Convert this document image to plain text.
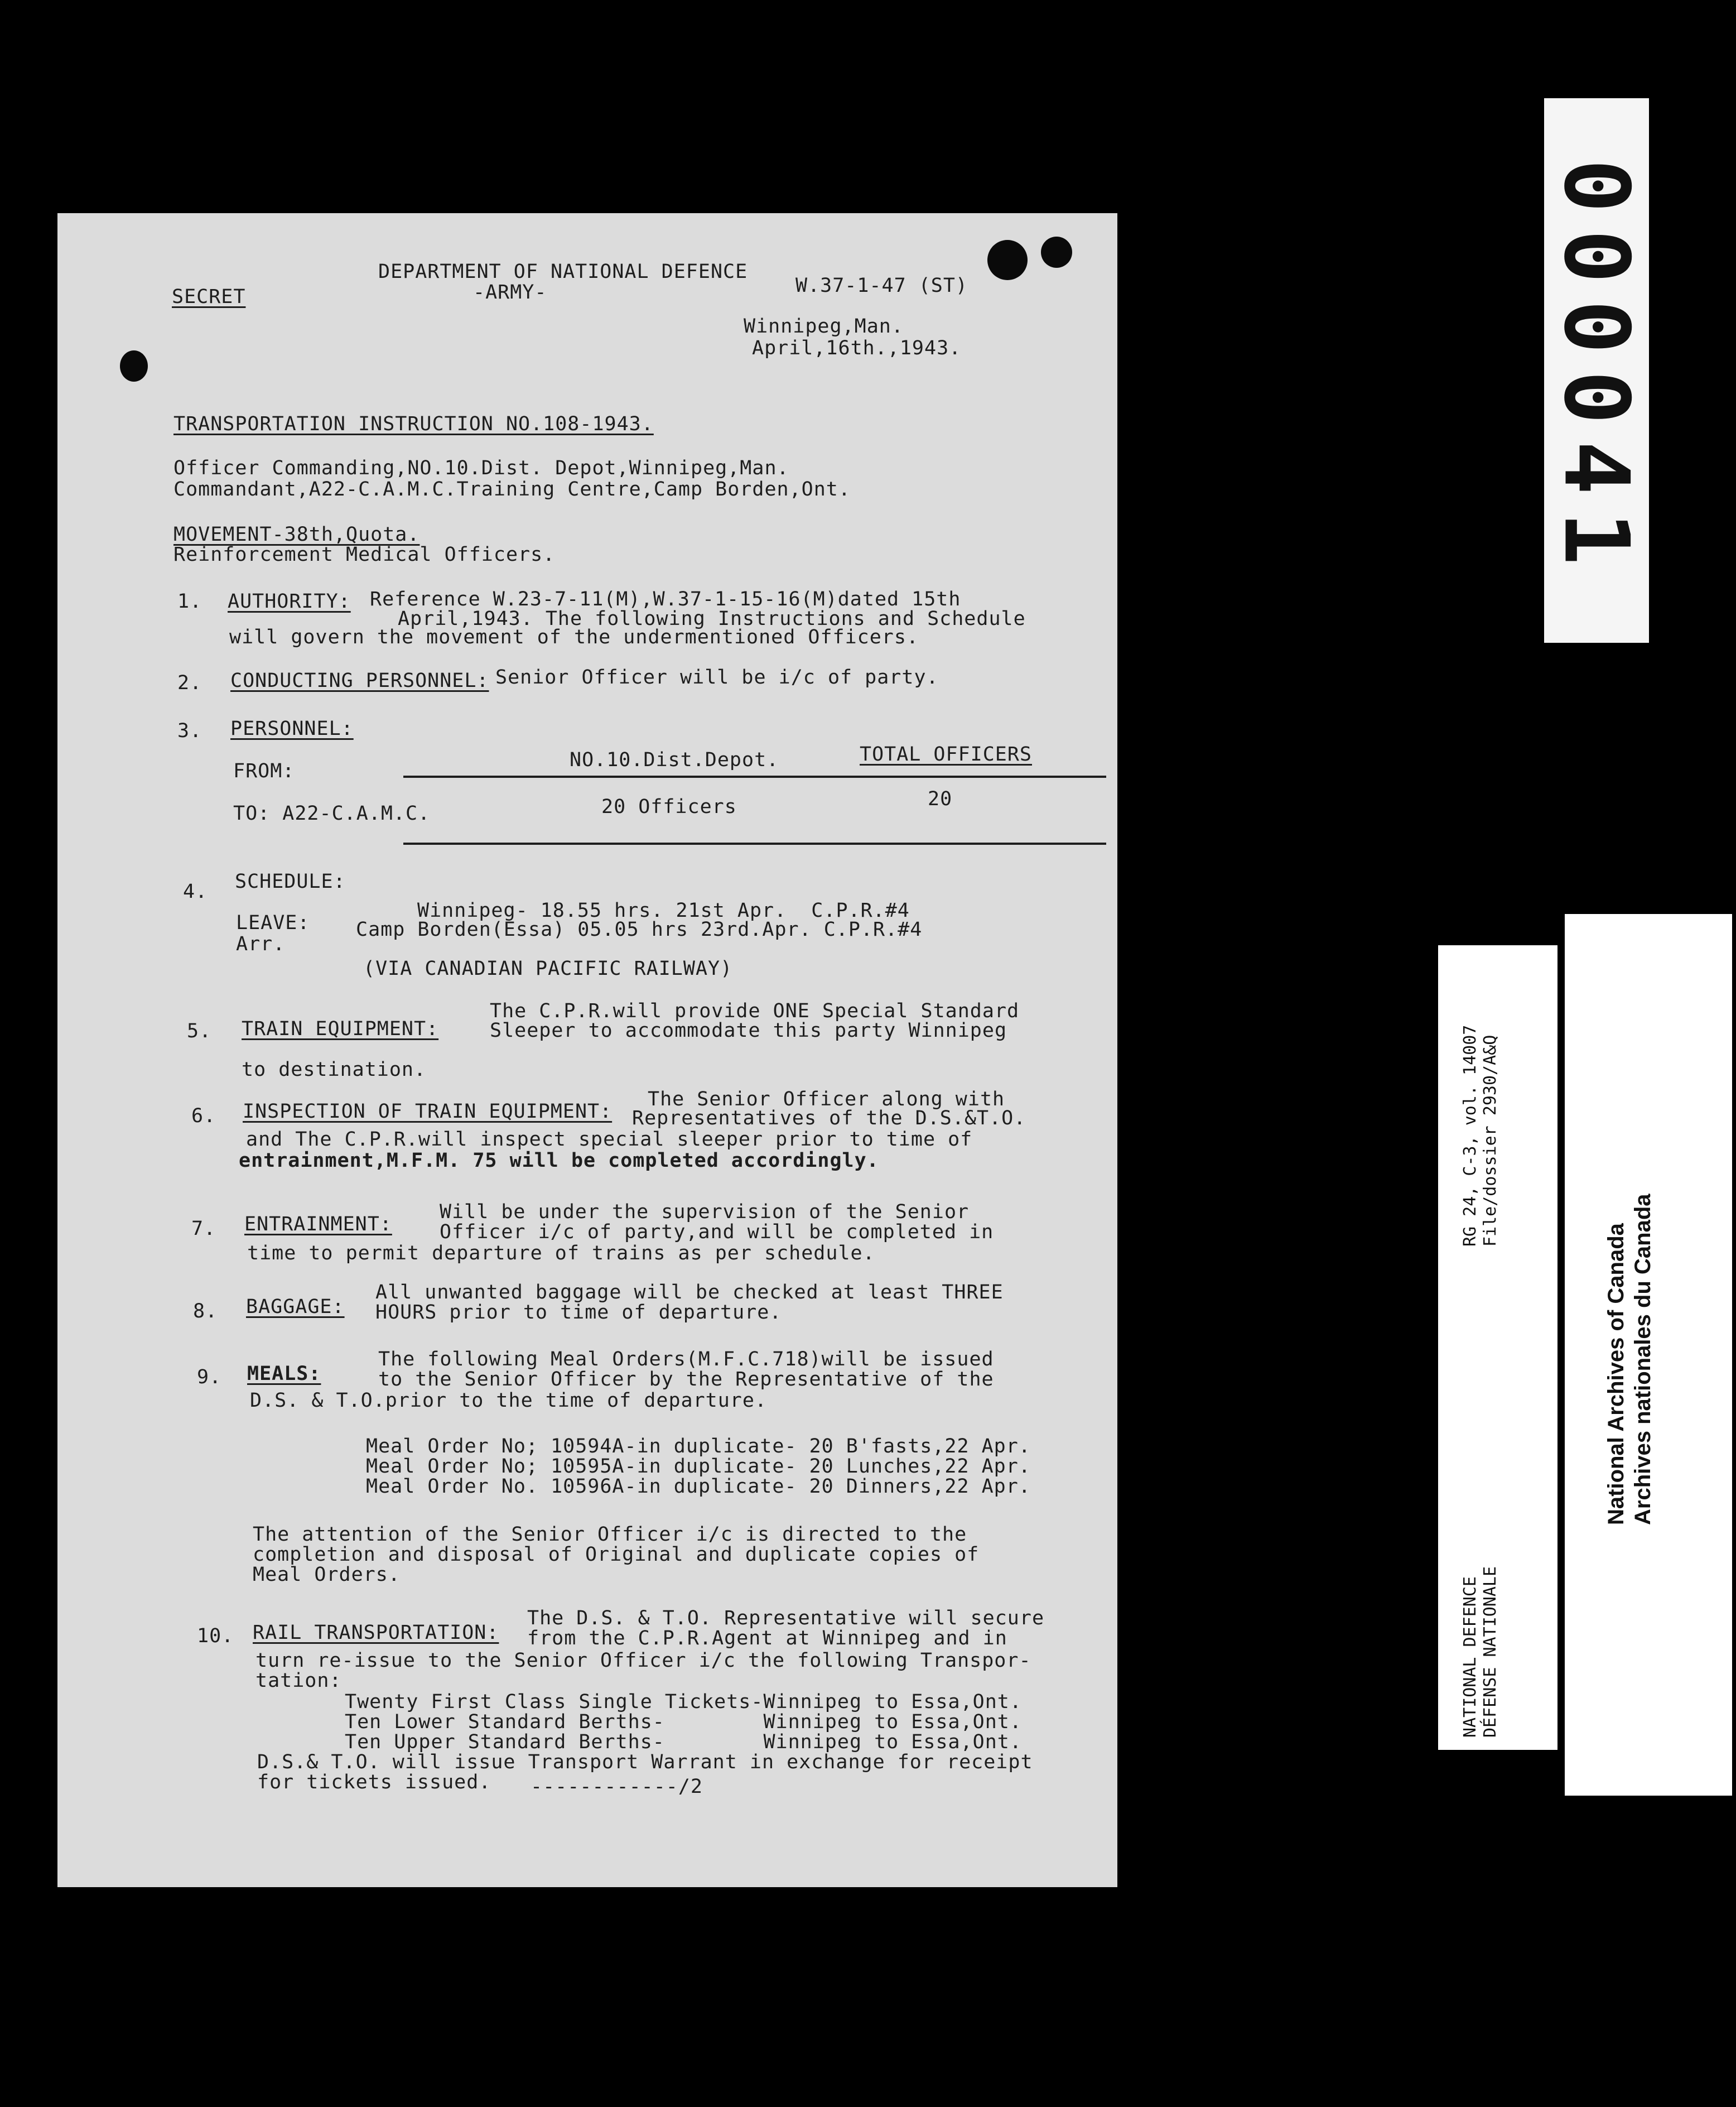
SECRET
DEPARTMENT OF NATIONAL DEFENCE
-ARMY-	W.37-1-47 (ST)
Winnipeg,Man.
April,16th.,1943.
TRANSPORTATION INSTRUCTION NO.108-1943.
Officer Commanding,NO.10.Dist. Depot,Winnipeg,Man.
Commandant,A22-C.A.M.C.Training Centre,Camp Borden,Ont.
MOVEMENT-38th,Quota.
Reinforcement Medical Officers.
1. AUTHORITY: Reference W.23-7-11(M),W.37-1-15-16(M)dated 15th
April,1943. The following Instructions and Schedule
will govern the movement of the undermentioned Officers.
2. CONDUCTING PERSONNEL: Senior Officer will be i/c of party.
3. PERSONNEL:
FROM:	NO.10.Dist.Depot.	TOTAL OFFICERS
TO: A22-C.A.M.C.	20 Officers	20
4. SCHEDULE:
LEAVE:
Winnipeg- 18.55 hrs. 21st Apr.  C.P.R.#4
Arr.
Camp Borden(Essa) 05.05 hrs 23rd.Apr. C.P.R.#4
(VIA CANADIAN PACIFIC RAILWAY)
5. TRAIN EQUIPMENT:
The C.P.R.will provide ONE Special Standard
Sleeper to accommodate this party Winnipeg
to destination.
6. INSPECTION OF TRAIN EQUIPMENT:
The Senior Officer along with
Representatives of the D.S.&T.O.
and The C.P.R.will inspect special sleeper prior to time of
entrainment,M.F.M. 75 will be completed accordingly.
7. ENTRAINMENT:
Will be under the supervision of the Senior
Officer i/c of party,and will be completed in
time to permit departure of trains as per schedule.
8. BAGGAGE:
All unwanted baggage will be checked at least THREE
HOURS prior to time of departure.
9. MEALS:
The following Meal Orders(M.F.C.718)will be issued
to the Senior Officer by the Representative of the
D.S. & T.O.prior to the time of departure.
Meal Order No; 10594A-in duplicate- 20 B'fasts,22 Apr.
Meal Order No; 10595A-in duplicate- 20 Lunches,22 Apr.
Meal Order No. 10596A-in duplicate- 20 Dinners,22 Apr.
The attention of the Senior Officer i/c is directed to the
completion and disposal of Original and duplicate copies of
Meal Orders.
10. RAIL TRANSPORTATION:
The D.S. & T.O. Representative will secure
from the C.P.R.Agent at Winnipeg and in
turn re-issue to the Senior Officer i/c the following Transpor-
tation:
Twenty First Class Single Tickets-Winnipeg to Essa,Ont.
Ten Lower Standard Berths-        Winnipeg to Essa,Ont.
Ten Upper Standard Berths-        Winnipeg to Essa,Ont.
D.S.& T.O. will issue Transport Warrant in exchange for receipt
for tickets issued. ------------/2
000041
RG 24, C-3, vol. 14007 File/dossier 2930/A&Q
NATIONAL DEFENCE DÉFENSE NATIONALE
National Archives of Canada Archives nationales du Canada
